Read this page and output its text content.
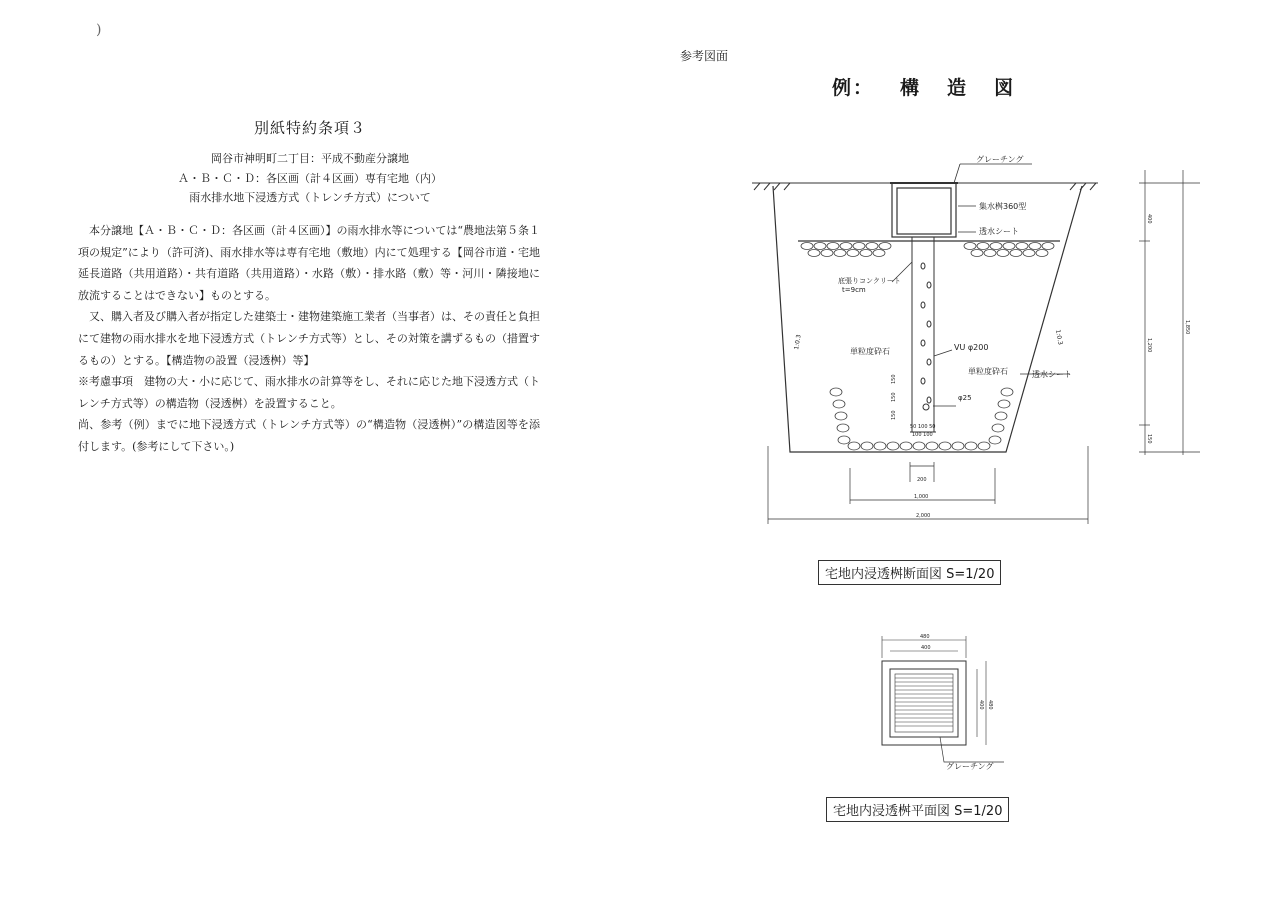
)
別紙特約条項３
岡谷市神明町二丁目：平成不動産分譲地
Ａ・Ｂ・Ｃ・Ｄ：各区画（計４区画）専有宅地（内）
雨水排水地下浸透方式（トレンチ方式）について

本分譲地【Ａ・Ｂ・Ｃ・Ｄ：各区画（計４区画）】の雨水排水等については“農地法第５条１項の規定”により（許可済)、雨水排水等は専有宅地（敷地）内にて処理する【岡谷市道・宅地延長道路（共用道路）・共有道路（共用道路）・水路（敷）・排水路（敷）等・河川・隣接地に放流することはできない】ものとする。

又、購入者及び購入者が指定した建築士・建物建築施工業者（当事者）は、その責任と負担にて建物の雨水排水を地下浸透方式（トレンチ方式等）とし、その対策を講ずるもの（措置するもの）とする。【構造物の設置（浸透桝）等】

※考慮事項　建物の大・小に応じて、雨水排水の計算等をし、それに応じた地下浸透方式（トレンチ方式等）の構造物（浸透桝）を設置すること。

尚、参考（例）までに地下浸透方式（トレンチ方式等）の“構造物（浸透桝）”の構造図等を添付します。(参考にして下さい。)

参考図面
例： 構 造 図
グレーチング
集水桝360型
透水シート
底張りコンクリート
t=9cm
単粒度砕石	VU φ200
単粒度砕石	透水シート
φ25
1:0.3	1:0.3
400
1,200
150
1,850
150
150
150
50 100 50
100 100
200
1,000
2,000
480
400
400 480
グレーチング
宅地内浸透桝断面図 S=1/20
宅地内浸透桝平面図 S=1/20
